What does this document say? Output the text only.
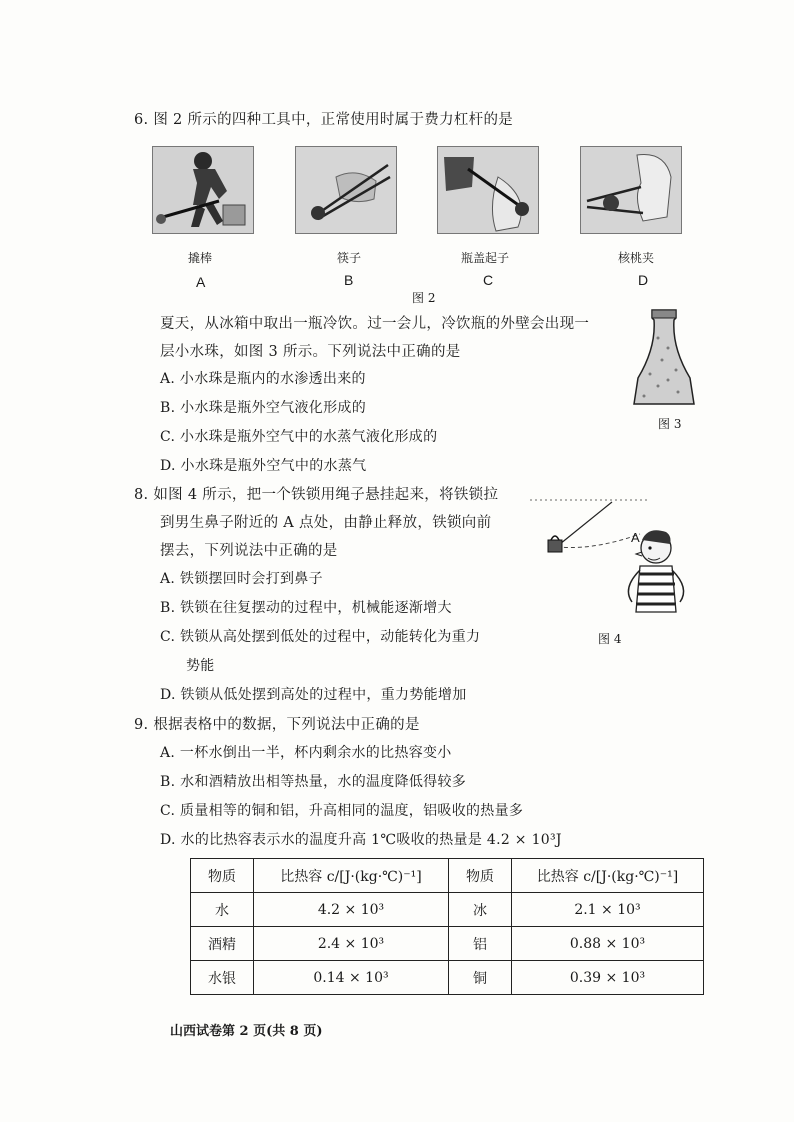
6. 图 2 所示的四种工具中，正常使用时属于费力杠杆的是
撬棒	筷子	瓶盖起子	核桃夹
A	B	C	D
图 2
夏天，从冰箱中取出一瓶冷饮。过一会儿，冷饮瓶的外壁会出现一
层小水珠，如图 3 所示。下列说法中正确的是
A. 小水珠是瓶内的水渗透出来的
B. 小水珠是瓶外空气液化形成的
C. 小水珠是瓶外空气中的水蒸气液化形成的
D. 小水珠是瓶外空气中的水蒸气
图 3
8. 如图 4 所示，把一个铁锁用绳子悬挂起来，将铁锁拉
到男生鼻子附近的 A 点处，由静止释放，铁锁向前
摆去，下列说法中正确的是
A. 铁锁摆回时会打到鼻子
B. 铁锁在往复摆动的过程中，机械能逐渐增大
C. 铁锁从高处摆到低处的过程中，动能转化为重力
势能
D. 铁锁从低处摆到高处的过程中，重力势能增加
A
图 4
9. 根据表格中的数据，下列说法中正确的是
A. 一杯水倒出一半，杯内剩余水的比热容变小
B. 水和酒精放出相等热量，水的温度降低得较多
C. 质量相等的铜和铝，升高相同的温度，铝吸收的热量多
D. 水的比热容表示水的温度升高 1℃吸收的热量是 4.2 × 10³J
物质	比热容 c/[J·(kg·℃)⁻¹]	物质	比热容 c/[J·(kg·℃)⁻¹]
水	4.2 × 10³	冰	2.1 × 10³
酒精	2.4 × 10³	铝	0.88 × 10³
水银	0.14 × 10³	铜	0.39 × 10³
山西试卷第 2 页(共 8 页)
